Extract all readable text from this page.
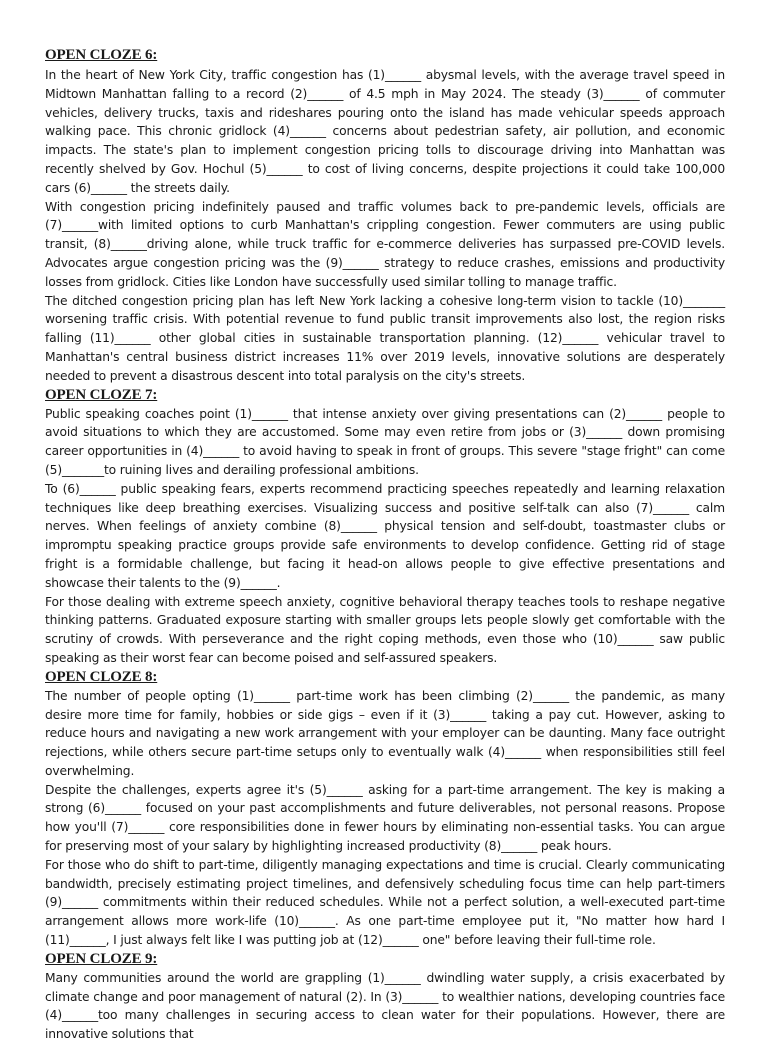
OPEN CLOZE 6:

In the heart of New York City, traffic congestion has (1)______ abysmal levels, with the average travel speed in Midtown Manhattan falling to a record (2)______ of 4.5 mph in May 2024. The steady (3)______ of commuter vehicles, delivery trucks, taxis and rideshares pouring onto the island has made vehicular speeds approach walking pace. This chronic gridlock (4)______ concerns about pedestrian safety, air pollution, and economic impacts. The state's plan to implement congestion pricing tolls to discourage driving into Manhattan was recently shelved by Gov. Hochul (5)______ to cost of living concerns, despite projections it could take 100,000 cars (6)______ the streets daily.

With congestion pricing indefinitely paused and traffic volumes back to pre-pandemic levels, officials are (7)______with limited options to curb Manhattan's crippling congestion. Fewer commuters are using public transit, (8)______driving alone, while truck traffic for e-commerce deliveries has surpassed pre-COVID levels. Advocates argue congestion pricing was the (9)______ strategy to reduce crashes, emissions and productivity losses from gridlock. Cities like London have successfully used similar tolling to manage traffic.

The ditched congestion pricing plan has left New York lacking a cohesive long-term vision to tackle (10)_______ worsening traffic crisis. With potential revenue to fund public transit improvements also lost, the region risks falling (11)______ other global cities in sustainable transportation planning. (12)______ vehicular travel to Manhattan's central business district increases 11% over 2019 levels, innovative solutions are desperately needed to prevent a disastrous descent into total paralysis on the city's streets.

OPEN CLOZE 7:

Public speaking coaches point (1)______ that intense anxiety over giving presentations can (2)______ people to avoid situations to which they are accustomed. Some may even retire from jobs or (3)______ down promising career opportunities in (4)______ to avoid having to speak in front of groups. This severe "stage fright" can come (5)_______to ruining lives and derailing professional ambitions.

To (6)______ public speaking fears, experts recommend practicing speeches repeatedly and learning relaxation techniques like deep breathing exercises. Visualizing success and positive self-talk can also (7)______ calm nerves. When feelings of anxiety combine (8)______ physical tension and self-doubt, toastmaster clubs or impromptu speaking practice groups provide safe environments to develop confidence. Getting rid of stage fright is a formidable challenge, but facing it head-on allows people to give effective presentations and showcase their talents to the (9)______.

For those dealing with extreme speech anxiety, cognitive behavioral therapy teaches tools to reshape negative thinking patterns. Graduated exposure starting with smaller groups lets people slowly get comfortable with the scrutiny of crowds. With perseverance and the right coping methods, even those who (10)______ saw public speaking as their worst fear can become poised and self-assured speakers.

OPEN CLOZE 8:

The number of people opting (1)______ part-time work has been climbing (2)______ the pandemic, as many desire more time for family, hobbies or side gigs – even if it (3)______ taking a pay cut. However, asking to reduce hours and navigating a new work arrangement with your employer can be daunting. Many face outright rejections, while others secure part-time setups only to eventually walk (4)______ when responsibilities still feel overwhelming.

Despite the challenges, experts agree it's (5)______ asking for a part-time arrangement. The key is making a strong (6)______ focused on your past accomplishments and future deliverables, not personal reasons. Propose how you'll (7)______ core responsibilities done in fewer hours by eliminating non-essential tasks. You can argue for preserving most of your salary by highlighting increased productivity (8)______ peak hours.

For those who do shift to part-time, diligently managing expectations and time is crucial. Clearly communicating bandwidth, precisely estimating project timelines, and defensively scheduling focus time can help part-timers (9)______ commitments within their reduced schedules. While not a perfect solution, a well-executed part-time arrangement allows more work-life (10)______. As one part-time employee put it, "No matter how hard I (11)______, I just always felt like I was putting job at (12)______ one" before leaving their full-time role.

OPEN CLOZE 9:

Many communities around the world are grappling (1)______ dwindling water supply, a crisis exacerbated by climate change and poor management of natural (2). In (3)______ to wealthier nations, developing countries face (4)______too many challenges in securing access to clean water for their populations. However, there are innovative solutions that
